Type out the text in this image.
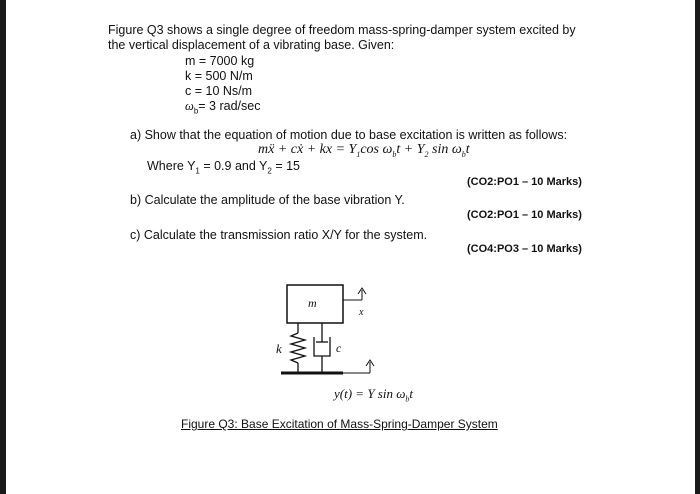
Figure Q3 shows a single degree of freedom mass-spring-damper system excited by
the vertical displacement of a vibrating base. Given:
m = 7000 kg
k = 500 N/m
c = 10 Ns/m
$\omega_b= 3$ rad/sec
a) Show that the equation of motion due to base excitation is written as follows:
mẍ + cẋ + kx = $Y_1\cos$ $\omega_bt + Y_2$ $\sin \omega_bt$
Where $Y_1 = 0.9$ and $Y_2 = 15$
(CO2:PO1 – 10 Marks)
b) Calculate the amplitude of the base vibration Y.
(CO2:PO1 – 10 Marks)
c) Calculate the transmission ratio X/Y for the system.
(CO4:PO3 – 10 Marks)
m
x
k	c
y(t) = Y $\sin \omega_bt$
Figure Q3: Base Excitation of Mass-Spring-Damper System
